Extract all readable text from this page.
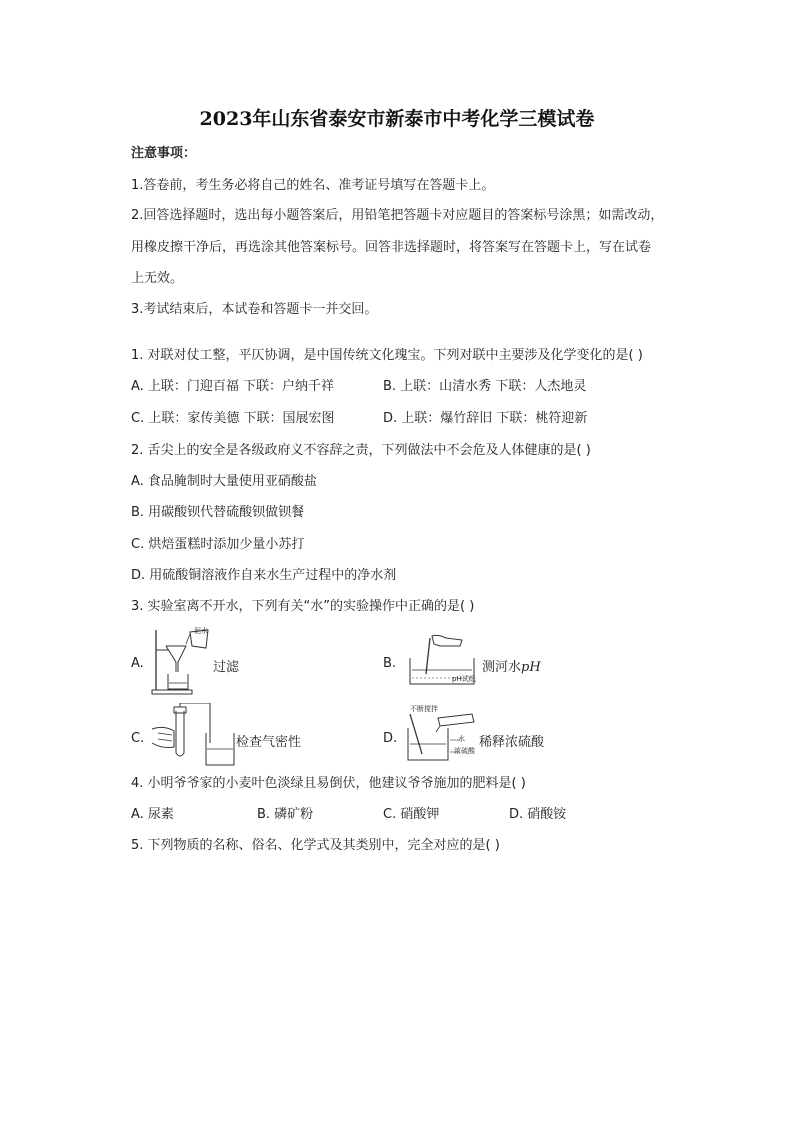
2023年山东省泰安市新泰市中考化学三模试卷
注意事项：
1.答卷前，考生务必将自己的姓名、准考证号填写在答题卡上。
2.回答选择题时，选出每小题答案后，用铅笔把答题卡对应题目的答案标号涂黑；如需改动，
用橡皮擦干净后，再选涂其他答案标号。回答非选择题时，将答案写在答题卡上，写在试卷
上无效。
3.考试结束后，本试卷和答题卡一并交回。
1. 对联对仗工整，平仄协调，是中国传统文化瑰宝。下列对联中主要涉及化学变化的是( )
A. 上联：门迎百福 下联：户纳千祥	B. 上联：山清水秀 下联：人杰地灵
C. 上联：家传美德 下联：国展宏图	D. 上联：爆竹辞旧 下联：桃符迎新
2. 舌尖上的安全是各级政府义不容辞之责，下列做法中不会危及人体健康的是( )
A. 食品腌制时大量使用亚硝酸盐
B. 用碳酸钡代替硫酸钡做钡餐
C. 烘焙蛋糕时添加少量小苏打
D. 用硫酸铜溶液作自来水生产过程中的净水剂
3. 实验室离不开水，下列有关“水”的实验操作中正确的是( )
A.
泥水
过滤	B.
pH试纸
测河水pH
C.	检查气密性	D.
不断搅拌
水
浓硫酸
稀释浓硫酸
4. 小明爷爷家的小麦叶色淡绿且易倒伏，他建议爷爷施加的肥料是( )
A. 尿素	B. 磷矿粉	C. 硝酸钾	D. 硝酸铵
5. 下列物质的名称、俗名、化学式及其类别中，完全对应的是( )
